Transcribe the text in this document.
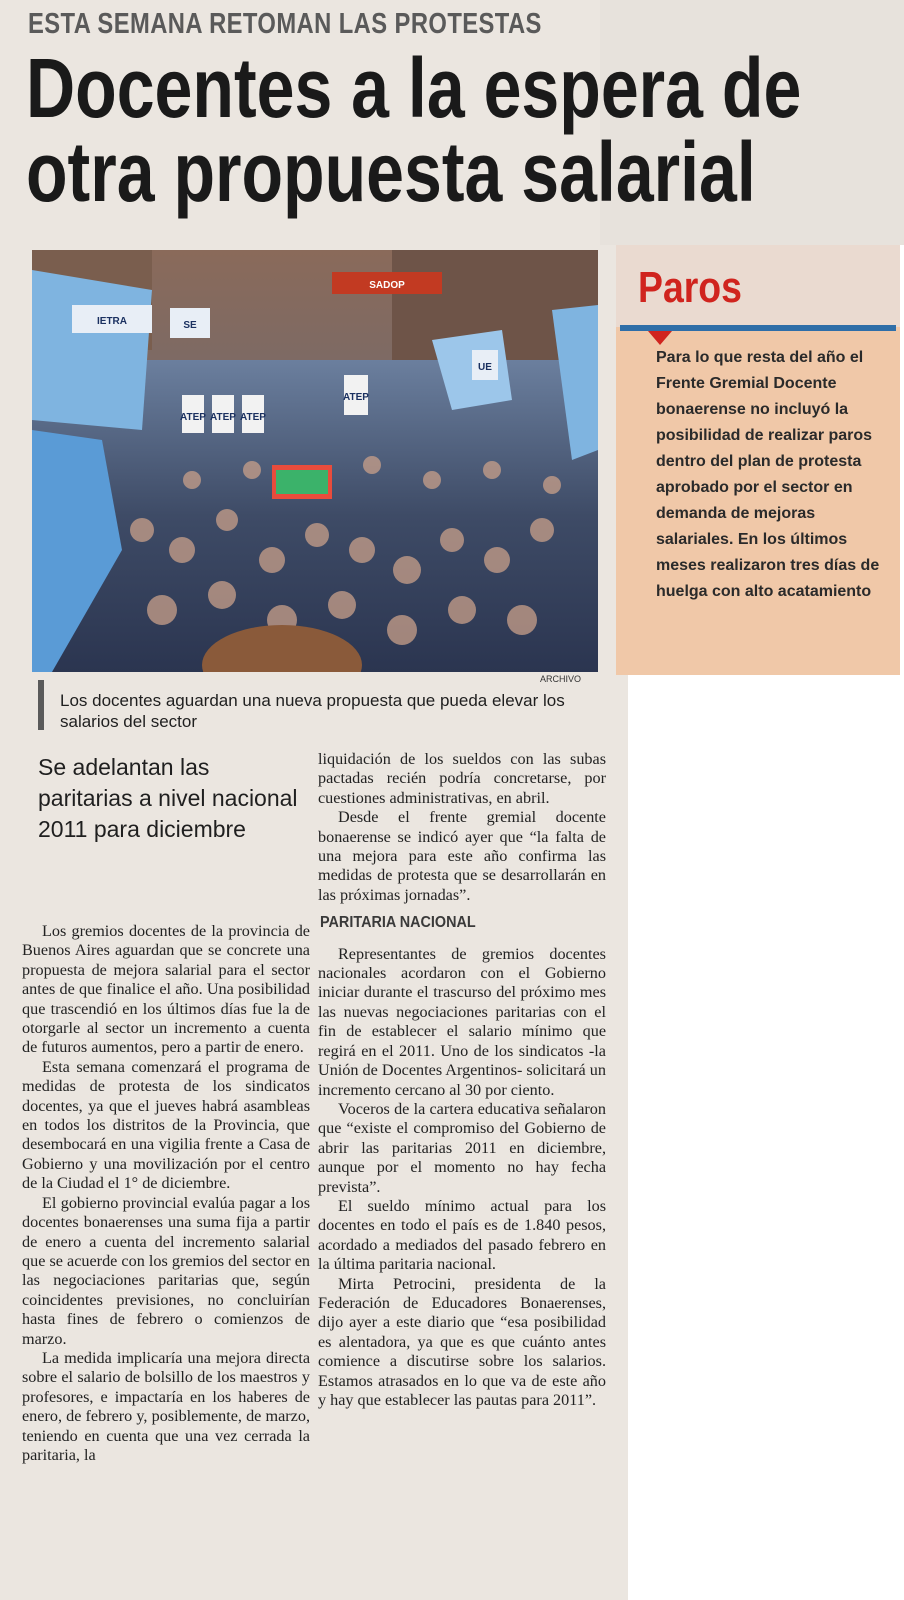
ESTA SEMANA RETOMAN LAS PROTESTAS
Docentes a la espera de
otra propuesta salarial
SADOP
ATEP ATEP ATEP
ATEP
UE
SE
IETRA
ARCHIVO
Los docentes aguardan una nueva propuesta que pueda elevar los salarios del sector
Paros
Para lo que resta del año el Frente Gremial Docente bonaerense no incluyó la posibilidad de realizar paros dentro del plan de protesta aprobado por el sector en demanda de mejoras salariales. En los últimos meses realizaron tres días de huelga con alto acatamiento
Se adelantan las paritarias a nivel nacional 2011 para diciembre

Los gremios docentes de la provincia de Buenos Aires aguardan que se concrete una propuesta de mejora salarial para el sector antes de que finalice el año. Una posibilidad que trascendió en los últimos días fue la de otorgarle al sector un incremento a cuenta de futuros aumentos, pero a partir de enero.

Esta semana comenzará el programa de medidas de protesta de los sindicatos docentes, ya que el jueves habrá asambleas en todos los distritos de la Provincia, que desembocará en una vigilia frente a Casa de Gobierno y una movilización por el centro de la Ciudad el 1° de diciembre.

El gobierno provincial evalúa pagar a los docentes bonaerenses una suma fija a partir de enero a cuenta del incremento salarial que se acuerde con los gremios del sector en las negociaciones paritarias que, según coincidentes previsiones, no concluirían hasta fines de febrero o comienzos de marzo.

La medida implicaría una mejora directa sobre el salario de bolsillo de los maestros y profesores, e impactaría en los haberes de enero, de febrero y, posiblemente, de marzo, teniendo en cuenta que una vez cerrada la paritaria, la

liquidación de los sueldos con las subas pactadas recién podría concretarse, por cuestiones administrativas, en abril.

Desde el frente gremial docente bonaerense se indicó ayer que “la falta de una mejora para este año confirma las medidas de protesta que se desarrollarán en las próximas jornadas”.

PARITARIA NACIONAL

Representantes de gremios docentes nacionales acordaron con el Gobierno iniciar durante el trascurso del próximo mes las nuevas negociaciones paritarias con el fin de establecer el salario mínimo que regirá en el 2011. Uno de los sindicatos -la Unión de Docentes Argentinos- solicitará un incremento cercano al 30 por ciento.

Voceros de la cartera educativa señalaron que “existe el compromiso del Gobierno de abrir las paritarias 2011 en diciembre, aunque por el momento no hay fecha prevista”.

El sueldo mínimo actual para los docentes en todo el país es de 1.840 pesos, acordado a mediados del pasado febrero en la última paritaria nacional.

Mirta Petrocini, presidenta de la Federación de Educadores Bonaerenses, dijo ayer a este diario que “esa posibilidad es alentadora, ya que es que cuánto antes comience a discutirse sobre los salarios. Estamos atrasados en lo que va de este año y hay que establecer las pautas para 2011”.
